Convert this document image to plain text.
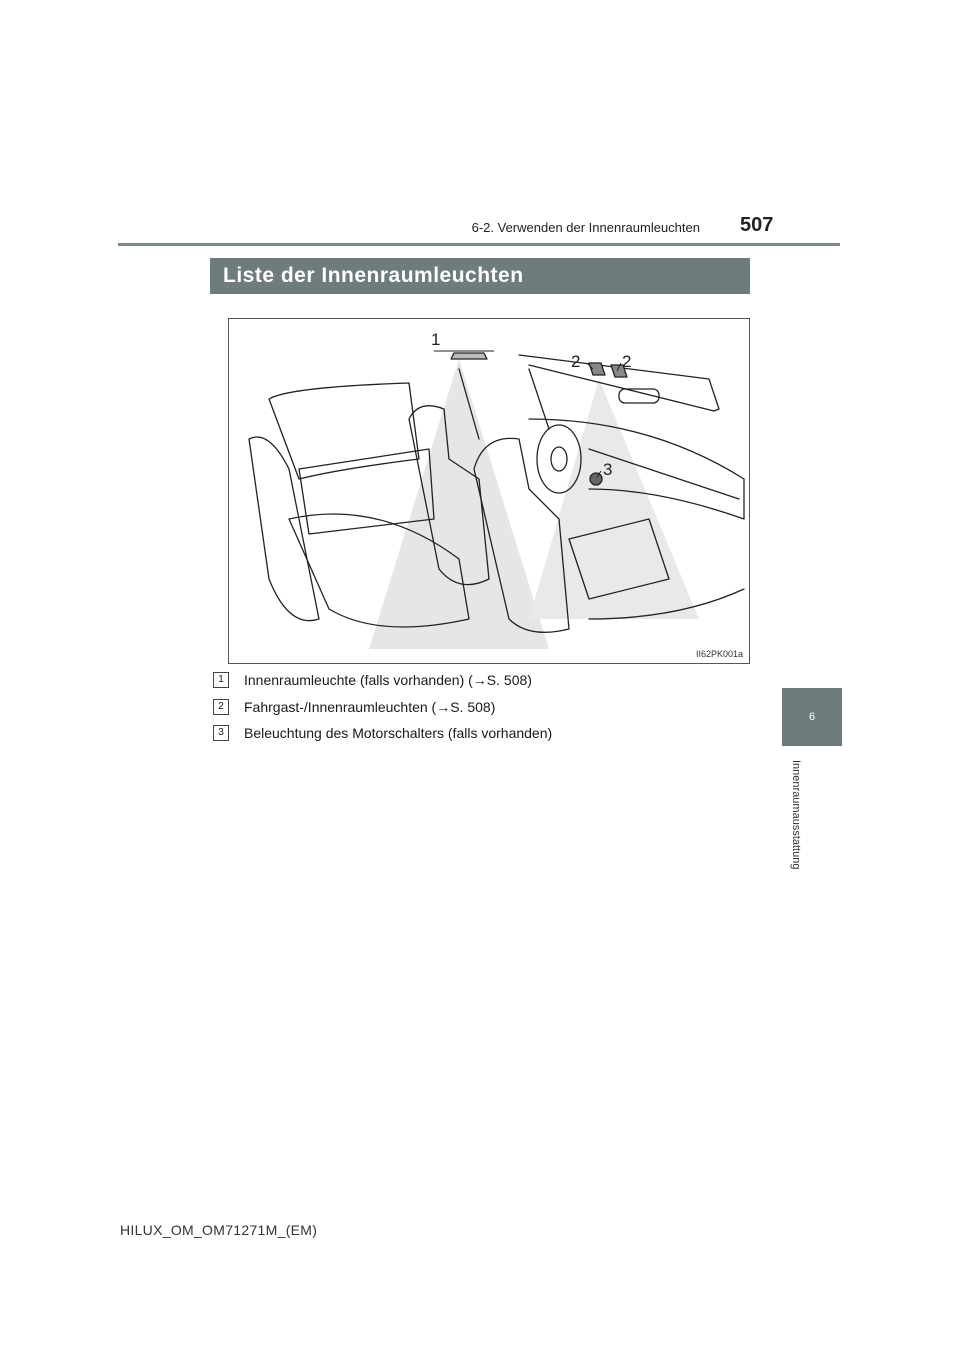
6-2. Verwenden der Innenraumleuchten 507
Liste der Innenraumleuchten
1
2 2
3
II62PK001a
1	Innenraumleuchte (falls vorhanden) (→S. 508)
2	Fahrgast-/Innenraumleuchten (→S. 508)
3	Beleuchtung des Motorschalters (falls vorhanden)
6
Innenraumausstattung
HILUX_OM_OM71271M_(EM)
